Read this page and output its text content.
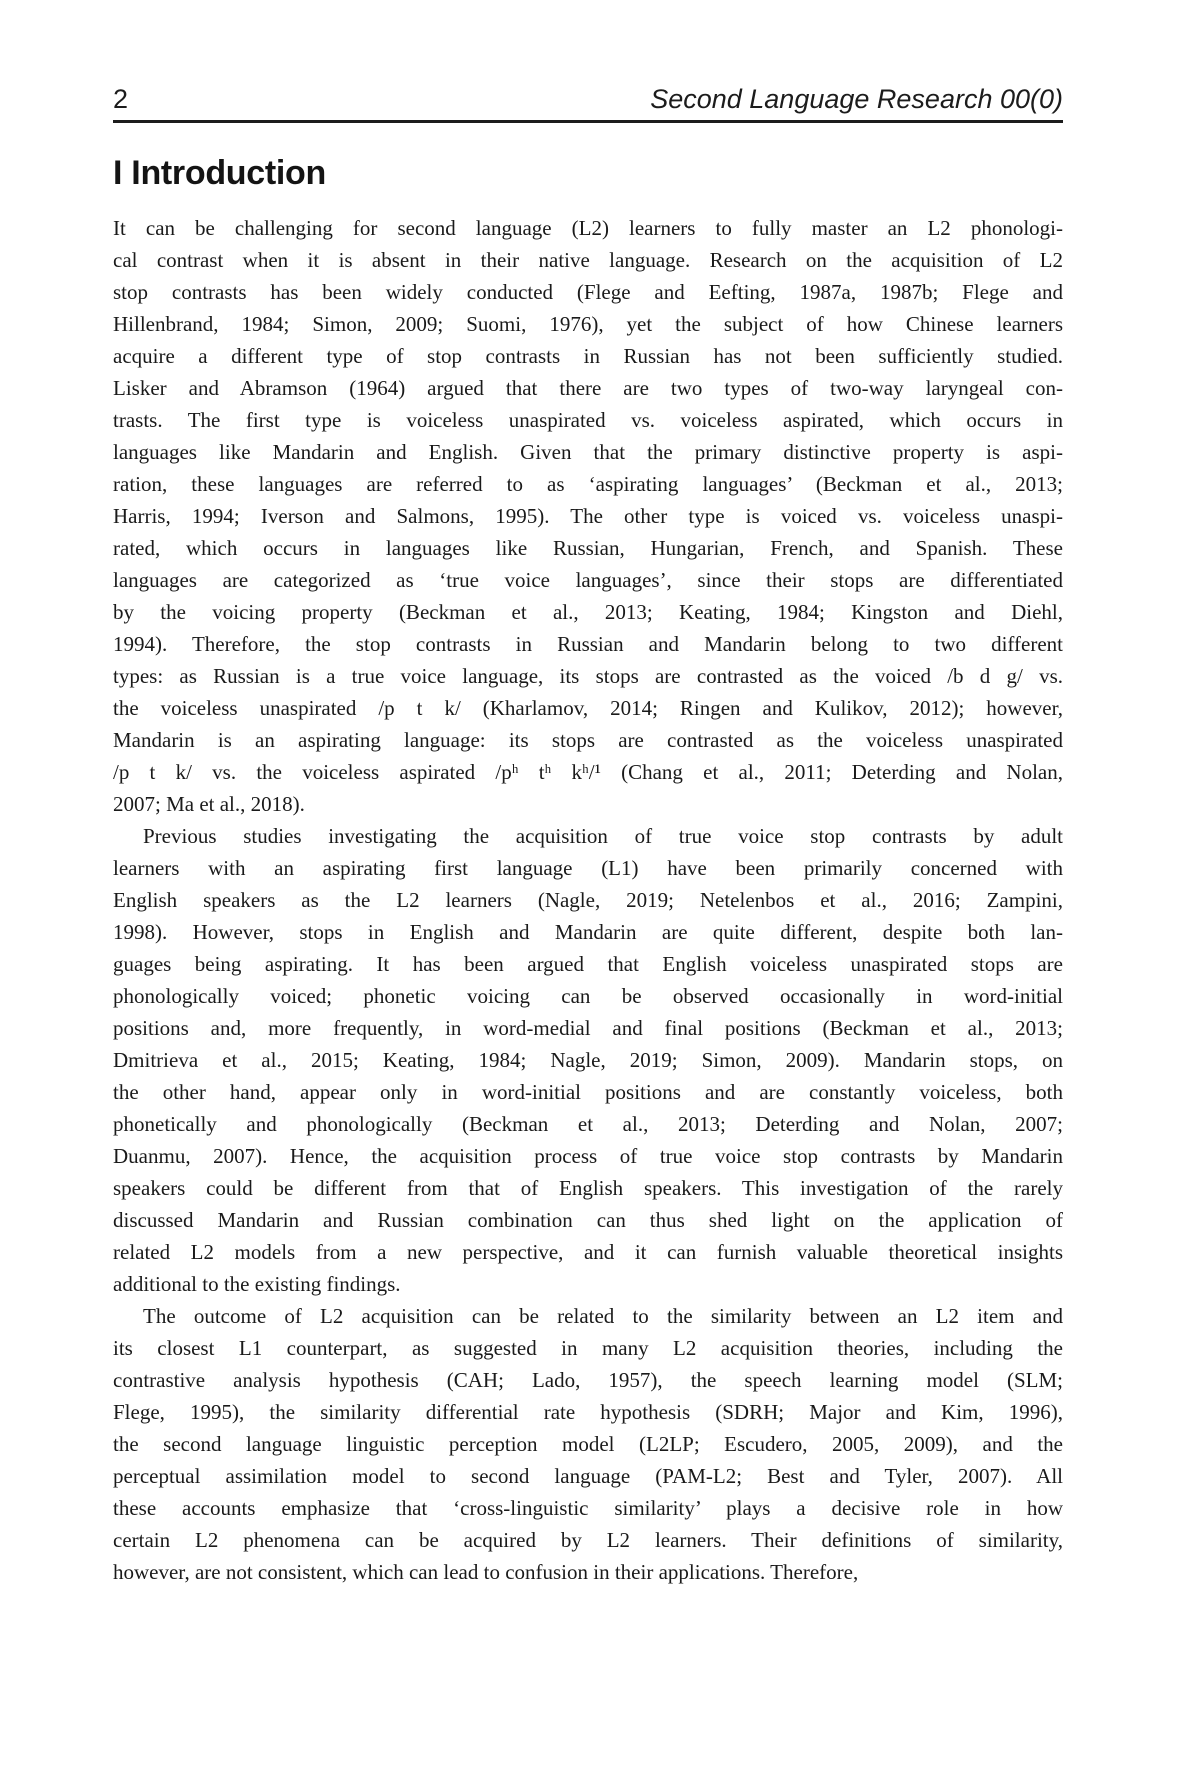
2	Second Language Research 00(0)
I Introduction
It can be challenging for second language (L2) learners to fully master an L2 phonologi-
cal contrast when it is absent in their native language. Research on the acquisition of L2
stop contrasts has been widely conducted (Flege and Eefting, 1987a, 1987b; Flege and
Hillenbrand, 1984; Simon, 2009; Suomi, 1976), yet the subject of how Chinese learners
acquire a different type of stop contrasts in Russian has not been sufficiently studied.
Lisker and Abramson (1964) argued that there are two types of two-way laryngeal con-
trasts. The first type is voiceless unaspirated vs. voiceless aspirated, which occurs in
languages like Mandarin and English. Given that the primary distinctive property is aspi-
ration, these languages are referred to as ‘aspirating languages’ (Beckman et al., 2013;
Harris, 1994; Iverson and Salmons, 1995). The other type is voiced vs. voiceless unaspi-
rated, which occurs in languages like Russian, Hungarian, French, and Spanish. These
languages are categorized as ‘true voice languages’, since their stops are differentiated
by the voicing property (Beckman et al., 2013; Keating, 1984; Kingston and Diehl,
1994). Therefore, the stop contrasts in Russian and Mandarin belong to two different
types: as Russian is a true voice language, its stops are contrasted as the voiced /b d g/ vs.
the voiceless unaspirated /p t k/ (Kharlamov, 2014; Ringen and Kulikov, 2012); however,
Mandarin is an aspirating language: its stops are contrasted as the voiceless unaspirated
/p t k/ vs. the voiceless aspirated /pʰ tʰ kʰ/¹ (Chang et al., 2011; Deterding and Nolan,
2007; Ma et al., 2018).
Previous studies investigating the acquisition of true voice stop contrasts by adult
learners with an aspirating first language (L1) have been primarily concerned with
English speakers as the L2 learners (Nagle, 2019; Netelenbos et al., 2016; Zampini,
1998). However, stops in English and Mandarin are quite different, despite both lan-
guages being aspirating. It has been argued that English voiceless unaspirated stops are
phonologically voiced; phonetic voicing can be observed occasionally in word-initial
positions and, more frequently, in word-medial and final positions (Beckman et al., 2013;
Dmitrieva et al., 2015; Keating, 1984; Nagle, 2019; Simon, 2009). Mandarin stops, on
the other hand, appear only in word-initial positions and are constantly voiceless, both
phonetically and phonologically (Beckman et al., 2013; Deterding and Nolan, 2007;
Duanmu, 2007). Hence, the acquisition process of true voice stop contrasts by Mandarin
speakers could be different from that of English speakers. This investigation of the rarely
discussed Mandarin and Russian combination can thus shed light on the application of
related L2 models from a new perspective, and it can furnish valuable theoretical insights
additional to the existing findings.
The outcome of L2 acquisition can be related to the similarity between an L2 item and
its closest L1 counterpart, as suggested in many L2 acquisition theories, including the
contrastive analysis hypothesis (CAH; Lado, 1957), the speech learning model (SLM;
Flege, 1995), the similarity differential rate hypothesis (SDRH; Major and Kim, 1996),
the second language linguistic perception model (L2LP; Escudero, 2005, 2009), and the
perceptual assimilation model to second language (PAM-L2; Best and Tyler, 2007). All
these accounts emphasize that ‘cross-linguistic similarity’ plays a decisive role in how
certain L2 phenomena can be acquired by L2 learners. Their definitions of similarity,
however, are not consistent, which can lead to confusion in their applications. Therefore,
